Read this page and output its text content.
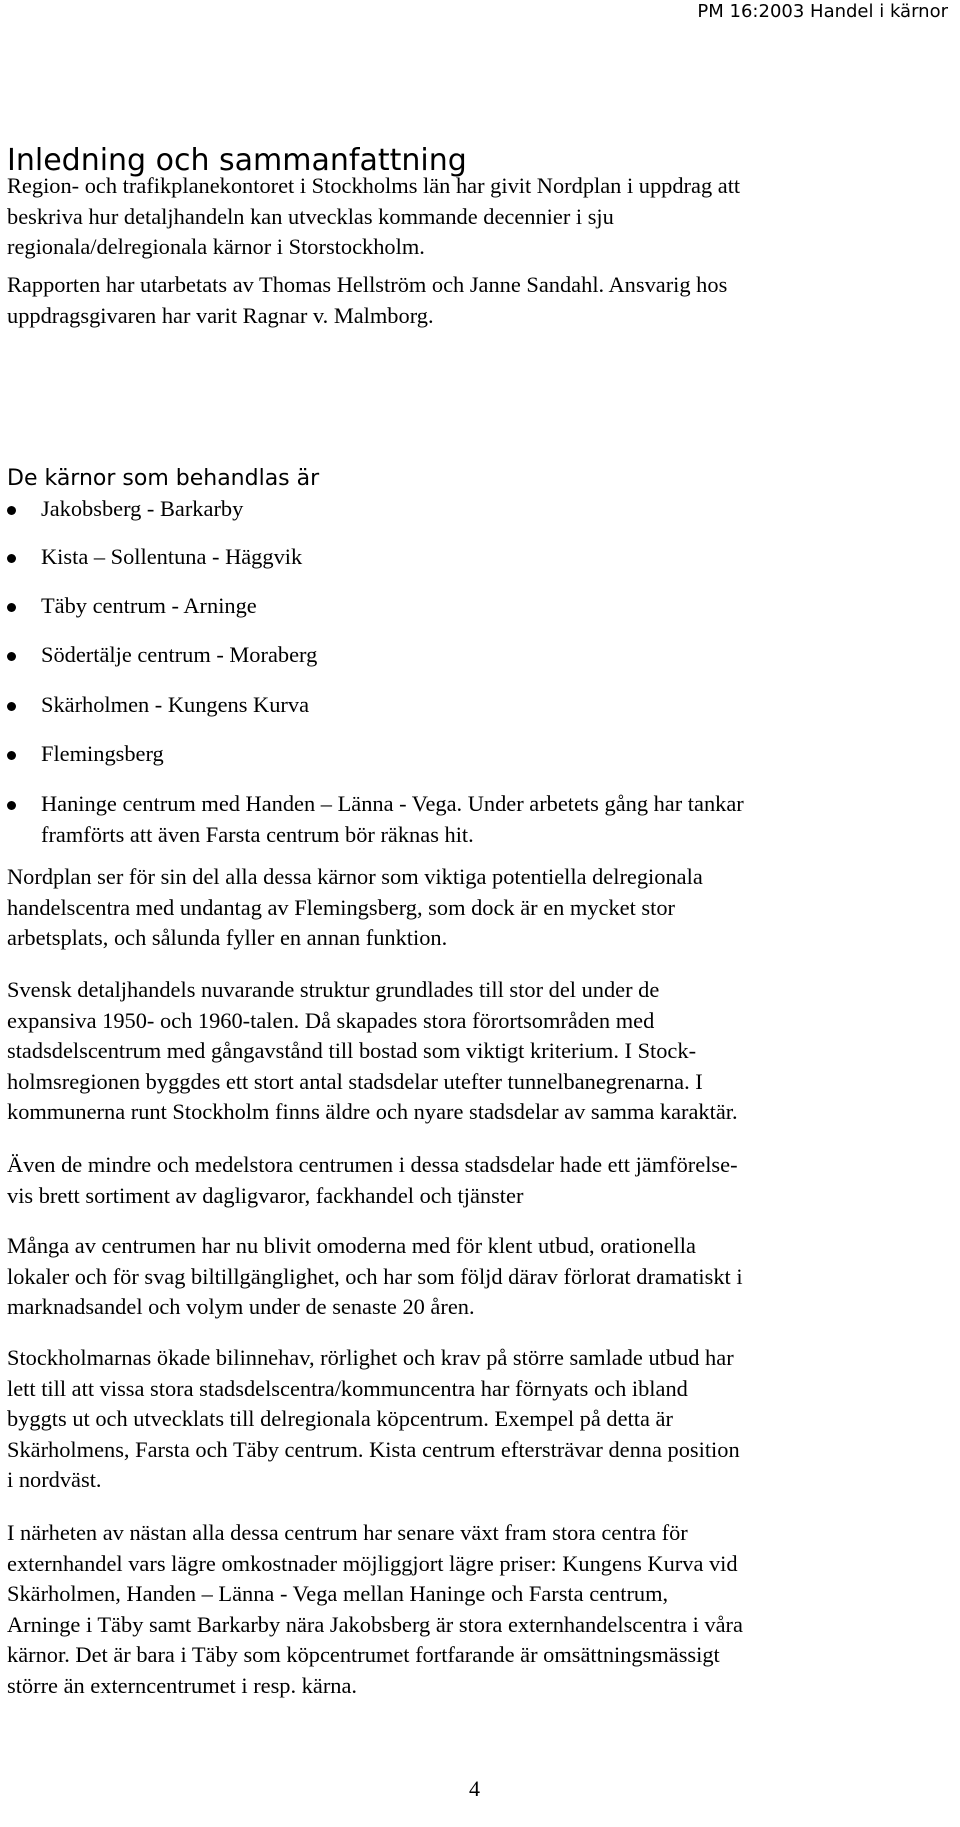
PM 16:2003 Handel i kärnor
Inledning och sammanfattning
Region- och trafikplanekontoret i Stockholms län har givit Nordplan i uppdrag att
beskriva hur detaljhandeln kan utvecklas kommande decennier i sju
regionala/delregionala kärnor i Storstockholm.
Rapporten har utarbetats av Thomas Hellström och Janne Sandahl. Ansvarig hos
uppdragsgivaren har varit Ragnar v. Malmborg.
De kärnor som behandlas är
Jakobsberg - Barkarby
Kista – Sollentuna - Häggvik
Täby centrum - Arninge
Södertälje centrum - Moraberg
Skärholmen - Kungens Kurva
Flemingsberg
Haninge centrum med Handen – Länna - Vega. Under arbetets gång har tankar
framförts att även Farsta centrum bör räknas hit.
Nordplan ser för sin del alla dessa kärnor som viktiga potentiella delregionala
handelscentra med undantag av Flemingsberg, som dock är en mycket stor
arbetsplats, och sålunda fyller en annan funktion.
Svensk detaljhandels nuvarande struktur grundlades till stor del under de
expansiva 1950- och 1960-talen. Då skapades stora förortsområden med
stadsdelscentrum med gångavstånd till bostad som viktigt kriterium. I Stock-
holmsregionen byggdes ett stort antal stadsdelar utefter tunnelbanegrenarna. I
kommunerna runt Stockholm finns äldre och nyare stadsdelar av samma karaktär.
Även de mindre och medelstora centrumen i dessa stadsdelar hade ett jämförelse-
vis brett sortiment av dagligvaror, fackhandel och tjänster
Många av centrumen har nu blivit omoderna med för klent utbud, orationella
lokaler och för svag biltillgänglighet, och har som följd därav förlorat dramatiskt i
marknadsandel och volym under de senaste 20 åren.
Stockholmarnas ökade bilinnehav, rörlighet och krav på större samlade utbud har
lett till att vissa stora stadsdelscentra/kommuncentra har förnyats och ibland
byggts ut och utvecklats till delregionala köpcentrum. Exempel på detta är
Skärholmens, Farsta och Täby centrum. Kista centrum eftersträvar denna position
i nordväst.
I närheten av nästan alla dessa centrum har senare växt fram stora centra för
externhandel vars lägre omkostnader möjliggjort lägre priser: Kungens Kurva vid
Skärholmen, Handen – Länna - Vega mellan Haninge och Farsta centrum,
Arninge i Täby samt Barkarby nära Jakobsberg är stora externhandelscentra i våra
kärnor. Det är bara i Täby som köpcentrumet fortfarande är omsättningsmässigt
större än externcentrumet i resp. kärna.
4
